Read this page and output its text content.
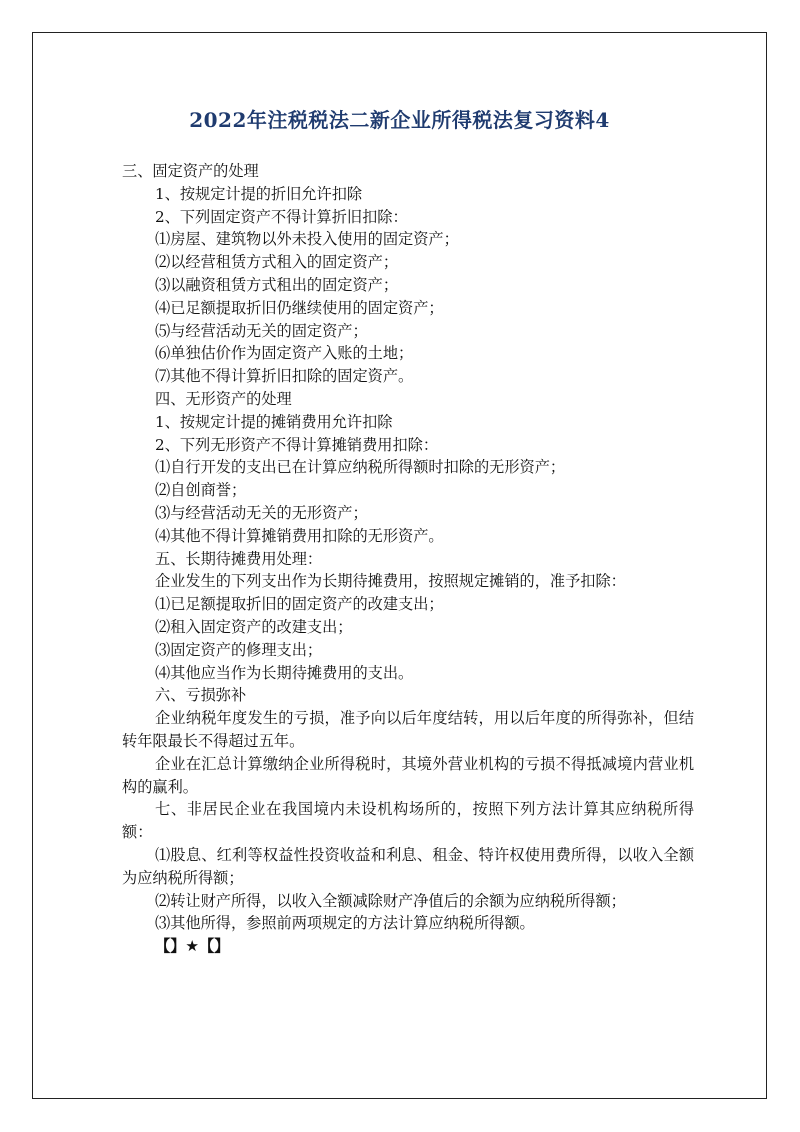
2022年注税税法二新企业所得税法复习资料4
三、固定资产的处理
1、按规定计提的折旧允许扣除
2、下列固定资产不得计算折旧扣除：
⑴房屋、建筑物以外未投入使用的固定资产；
⑵以经营租赁方式租入的固定资产；
⑶以融资租赁方式租出的固定资产；
⑷已足额提取折旧仍继续使用的固定资产；
⑸与经营活动无关的固定资产；
⑹单独估价作为固定资产入账的土地；
⑺其他不得计算折旧扣除的固定资产。
四、无形资产的处理
1、按规定计提的摊销费用允许扣除
2、下列无形资产不得计算摊销费用扣除：
⑴自行开发的支出已在计算应纳税所得额时扣除的无形资产；
⑵自创商誉；
⑶与经营活动无关的无形资产；
⑷其他不得计算摊销费用扣除的无形资产。
五、长期待摊费用处理：
企业发生的下列支出作为长期待摊费用，按照规定摊销的，准予扣除：
⑴已足额提取折旧的固定资产的改建支出；
⑵租入固定资产的改建支出；
⑶固定资产的修理支出；
⑷其他应当作为长期待摊费用的支出。
六、亏损弥补
企业纳税年度发生的亏损，准予向以后年度结转，用以后年度的所得弥补，但结转年限最长不得超过五年。
企业在汇总计算缴纳企业所得税时，其境外营业机构的亏损不得抵减境内营业机构的赢利。
七、非居民企业在我国境内未设机构场所的，按照下列方法计算其应纳税所得额：
⑴股息、红利等权益性投资收益和利息、租金、特许权使用费所得，以收入全额为应纳税所得额；
⑵转让财产所得，以收入全额减除财产净值后的余额为应纳税所得额；
⑶其他所得，参照前两项规定的方法计算应纳税所得额。
【】★【】
